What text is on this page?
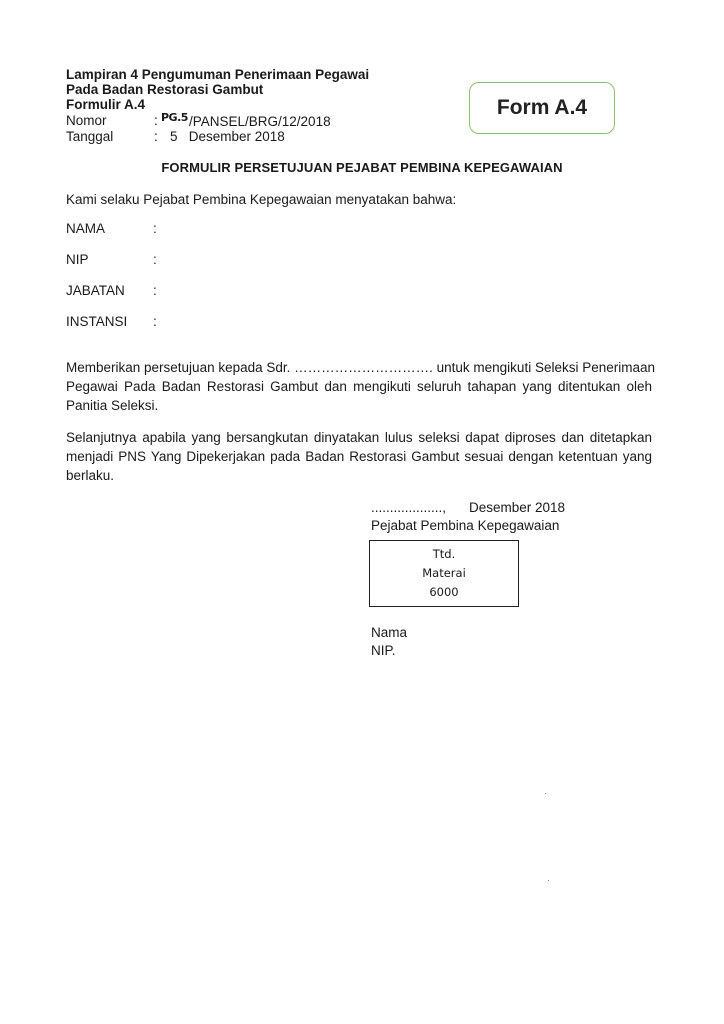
Lampiran 4 Pengumuman Penerimaan Pegawai
Pada Badan Restorasi Gambut
Formulir A.4
Nomor	: PG.5 /PANSEL/BRG/12/2018
Tanggal	: 5   Desember 2018
Form A.4
FORMULIR PERSETUJUAN PEJABAT PEMBINA KEPEGAWAIAN
Kami selaku Pejabat Pembina Kepegawaian menyatakan bahwa:
NAMA	:
NIP	:
JABATAN :
INSTANSI :
Memberikan persetujuan kepada Sdr. …………………………. untuk mengikuti Seleksi Penerimaan
Pegawai Pada Badan Restorasi Gambut dan mengikuti seluruh tahapan yang ditentukan oleh
Panitia Seleksi.
Selanjutnya apabila yang bersangkutan dinyatakan lulus seleksi dapat diproses dan ditetapkan
menjadi PNS Yang Dipekerjakan pada Badan Restorasi Gambut sesuai dengan ketentuan yang
berlaku.
..................., Desember 2018
Pejabat Pembina Kepegawaian
Ttd.
Materai
6000
Nama
NIP.
